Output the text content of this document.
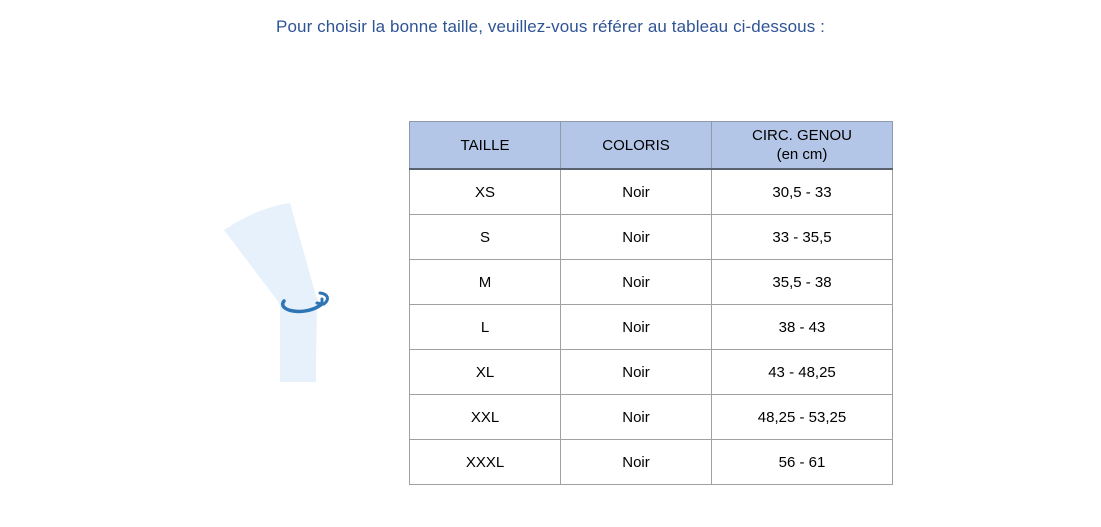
Pour choisir la bonne taille, veuillez-vous référer au tableau ci-dessous :
TAILLE	COLORIS	CIRC. GENOU
(en cm)

XS	Noir	30,5 - 33
S	Noir	33 - 35,5
M	Noir	35,5 - 38
L	Noir	38 - 43
XL	Noir	43 - 48,25
XXL	Noir	48,25 - 53,25
XXXL	Noir	56 - 61
